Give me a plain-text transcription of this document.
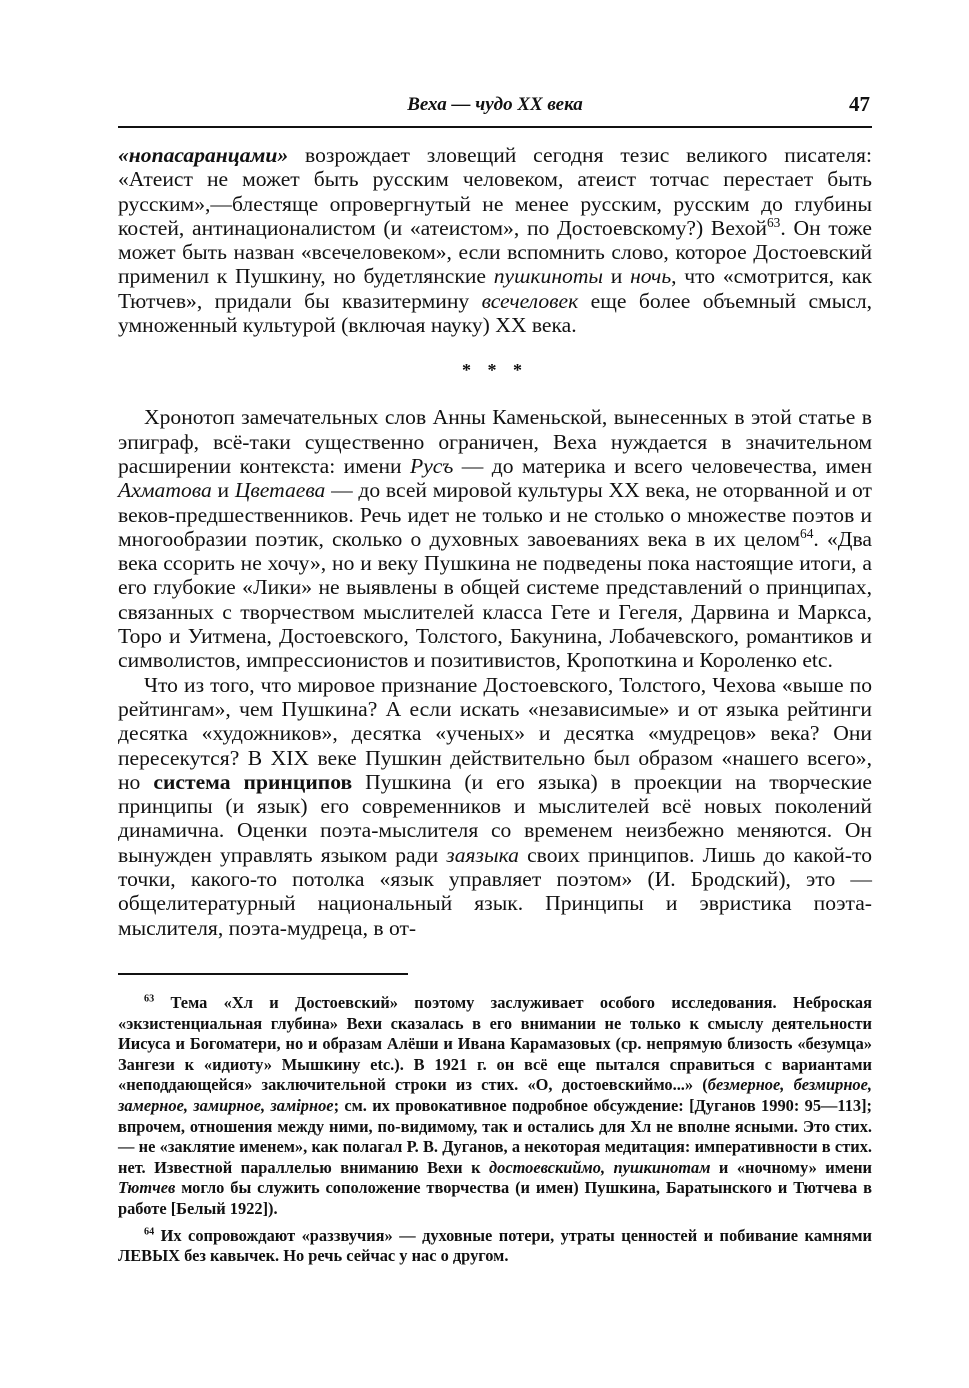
Веха — чудо XX века	47

«нопасаранцами» возрождает зловещий сегодня тезис великого писателя: «Атеист не может быть русским человеком, атеист тотчас перестает быть русским»,—блестяще опровергнутый не менее русским, русским до глубины костей, антинационалистом (и «атеистом», по Достоевскому?) Вехой$^{63}$. Он тоже может быть назван «всечеловеком», если вспомнить слово, которое Достоевский применил к Пушкину, но будетлянские пушкиноты и ночь, что «смотрится, как Тютчев», придали бы квазитермину всечеловек еще более объемный смысл, умноженный культурой (включая науку) XX века.

* * *

Хронотоп замечательных слов Анны Каменьской, вынесенных в этой статье в эпиграф, всё-таки существенно ограничен, Веха нуждается в значительном расширении контекста: имени Русъ — до материка и всего человечества, имен Ахматова и Цветаева — до всей мировой культуры XX века, не оторванной и от веков-предшественников. Речь идет не только и не столько о множестве поэтов и многообразии поэтик, сколько о духовных завоеваниях века в их целом$^{64}$. «Два века ссорить не хочу», но и веку Пушкина не подведены пока настоящие итоги, а его глубокие «Лики» не выявлены в общей системе представлений о принципах, связанных с творчеством мыслителей класса Гете и Гегеля, Дарвина и Маркса, Торо и Уитмена, Достоевского, Толстого, Бакунина, Лобачевского, романтиков и символистов, импрессионистов и позитивистов, Кропоткина и Короленко etc.

Что из того, что мировое признание Достоевского, Толстого, Чехова «выше по рейтингам», чем Пушкина? А если искать «независимые» и от языка рейтинги десятка «художников», десятка «ученых» и десятка «мудрецов» века? Они пересекутся? В XIX веке Пушкин действительно был образом «нашего всего», но система принципов Пушкина (и его языка) в проекции на творческие принципы (и язык) его современников и мыслителей всё новых поколений динамична. Оценки поэта-мыслителя со временем неизбежно меняются. Он вынужден управлять языком ради заязыка своих принципов. Лишь до какой-то точки, какого-то потолка «язык управляет поэтом» (И. Бродский), это — общелитературный национальный язык. Принципы и эвристика поэта-мыслителя, поэта-мудреца, в от-

$^{63}$ Тема «Хл и Достоевский» поэтому заслуживает особого исследования. Неброская «экзистенциальная глубина» Вехи сказалась в его внимании не только к смыслу деятельности Иисуса и Богоматери, но и образам Алёши и Ивана Карамазовых (ср. непрямую близость «безумца» Зангези к «идиоту» Мышкину etc.). В 1921 г. он всё еще пытался справиться с вариантами «неподдающейся» заключительной строки из стих. «О, достоевскиймо...» (безмерное, безмирное, замерное, замирное, замiрное; см. их провокативное подробное обсуждение: [Дуганов 1990: 95—113]; впрочем, отношения между ними, по-видимому, так и остались для Хл не вполне ясными. Это стих. — не «заклятие именем», как полагал Р. В. Дуганов, а некоторая медитация: императивности в стих. нет. Известной параллелью вниманию Вехи к достоевскиймо, пушкинотам и «ночному» имени Тютчев могло бы служить соположение творчества (и имен) Пушкина, Баратынского и Тютчева в работе [Белый 1922]).

$^{64}$ Их сопровождают «раззвучия» — духовные потери, утраты ценностей и побивание камнями ЛЕВЫХ без кавычек. Но речь сейчас у нас о другом.
